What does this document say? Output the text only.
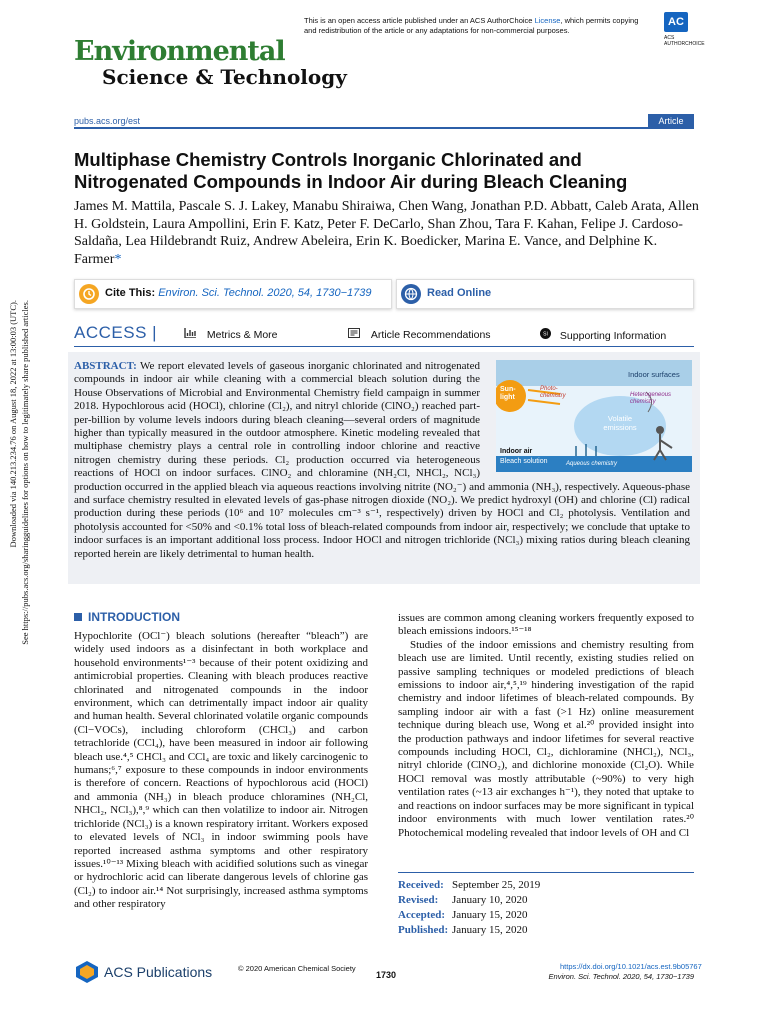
Downloaded via 140.213.234.76 on August 18, 2022 at 13:00:03 (UTC). See https://pubs.acs.org/sharingguidelines for options on how to legitimately share published articles.
Environmental
Science & Technology
This is an open access article published under an ACS AuthorChoice License, which permits copying and redistribution of the article or any adaptations for non-commercial purposes.
AC
ACS AUTHORCHOICE
pubs.acs.org/est	Article
Multiphase Chemistry Controls Inorganic Chlorinated and Nitrogenated Compounds in Indoor Air during Bleach Cleaning
James M. Mattila, Pascale S. J. Lakey, Manabu Shiraiwa, Chen Wang, Jonathan P.D. Abbatt, Caleb Arata, Allen H. Goldstein, Laura Ampollini, Erin F. Katz, Peter F. DeCarlo, Shan Zhou, Tara F. Kahan, Felipe J. Cardoso-Saldaña, Lea Hildebrandt Ruiz, Andrew Abeleira, Erin K. Boedicker, Marina E. Vance, and Delphine K. Farmer*
Cite This: Environ. Sci. Technol. 2020, 54, 1730−1739	Read Online
ACCESS |	Metrics & More	Article Recommendations	SI Supporting Information
Sun-light
Photo-chemistry
Indoor surfaces
Heterogeneous chemistry
Volatile emissions
Indoor air
Bleach solution	Aqueous chemistry
ABSTRACT: We report elevated levels of gaseous inorganic chlorinated and nitrogenated compounds in indoor air while cleaning with a commercial bleach solution during the House Observations of Microbial and Environmental Chemistry field campaign in summer 2018. Hypochlorous acid (HOCl), chlorine (Cl₂), and nitryl chloride (ClNO₂) reached part-per-billion by volume levels indoors during bleach cleaning—several orders of magnitude higher than typically measured in the outdoor atmosphere. Kinetic modeling revealed that multiphase chemistry plays a central role in controlling indoor chlorine and reactive nitrogen chemistry during these periods. Cl₂ production occurred via heterogeneous reactions of HOCl on indoor surfaces. ClNO₂ and chloramine (NH₂Cl, NHCl₂, NCl₃) production occurred in the applied bleach via aqueous reactions involving nitrite (NO₂⁻) and ammonia (NH₃), respectively. Aqueous-phase and surface chemistry resulted in elevated levels of gas-phase nitrogen dioxide (NO₂). We predict hydroxyl (OH) and chlorine (Cl) radical production during these periods (10⁶ and 10⁷ molecules cm⁻³ s⁻¹, respectively) driven by HOCl and Cl₂ photolysis. Ventilation and photolysis accounted for <50% and <0.1% total loss of bleach-related compounds from indoor air, respectively; we conclude that uptake to indoor surfaces is an important additional loss process. Indoor HOCl and nitrogen trichloride (NCl₃) mixing ratios during bleach cleaning reported herein are likely detrimental to human health.
INTRODUCTION

Hypochlorite (OCl⁻) bleach solutions (hereafter “bleach”) are widely used indoors as a disinfectant in both workplace and household environments¹⁻³ because of their potent oxidizing and antimicrobial properties. Cleaning with bleach produces reactive chlorinated and nitrogenated compounds in the indoor environment, which can detrimentally impact indoor air quality and human health. Several chlorinated volatile organic compounds (Cl−VOCs), including chloroform (CHCl₃) and carbon tetrachloride (CCl₄), have been measured in indoor air following bleach use.⁴,⁵ CHCl₃ and CCl₄ are toxic and likely carcinogenic to humans;⁶,⁷ exposure to these compounds in indoor environments is therefore of concern. Reactions of hypochlorous acid (HOCl) and ammonia (NH₃) in bleach produce chloramines (NH₂Cl, NHCl₂, NCl₃),⁸,⁹ which can then volatilize to indoor air. Nitrogen trichloride (NCl₃) is a known respiratory irritant. Workers exposed to elevated levels of NCl₃ in indoor swimming pools have reported increased asthma symptoms and other respiratory issues.¹⁰⁻¹³ Mixing bleach with acidified solutions such as vinegar or hydrochloric acid can liberate dangerous levels of chlorine gas (Cl₂) to indoor air.¹⁴ Not surprisingly, increased asthma symptoms and other respiratory

issues are common among cleaning workers frequently exposed to bleach emissions indoors.¹⁵⁻¹⁸

Studies of the indoor emissions and chemistry resulting from bleach use are limited. Until recently, existing studies relied on passive sampling techniques or modeled predictions of bleach emissions to indoor air,⁴,⁵,¹⁹ hindering investigation of the rapid chemistry and indoor lifetimes of bleach-related compounds. By sampling indoor air with a fast (>1 Hz) online measurement technique during bleach use, Wong et al.²⁰ provided insight into the production pathways and indoor lifetimes for several reactive compounds including HOCl, Cl₂, dichloramine (NHCl₂), NCl₃, nitryl chloride (ClNO₂), and dichlorine monoxide (Cl₂O). While HOCl removal was mostly attributable (~90%) to very high ventilation rates (~13 air exchanges h⁻¹), they noted that uptake to and reactions on indoor surfaces may be more significant in typical indoor environments with much lower ventilation rates.²⁰ Photochemical modeling revealed that indoor levels of OH and Cl

Received: September 25, 2019
Revised: January 10, 2020
Accepted: January 15, 2020
Published: January 15, 2020
ACS Publications	© 2020 American Chemical Society
1730
https://dx.doi.org/10.1021/acs.est.9b05767
Environ. Sci. Technol. 2020, 54, 1730−1739
